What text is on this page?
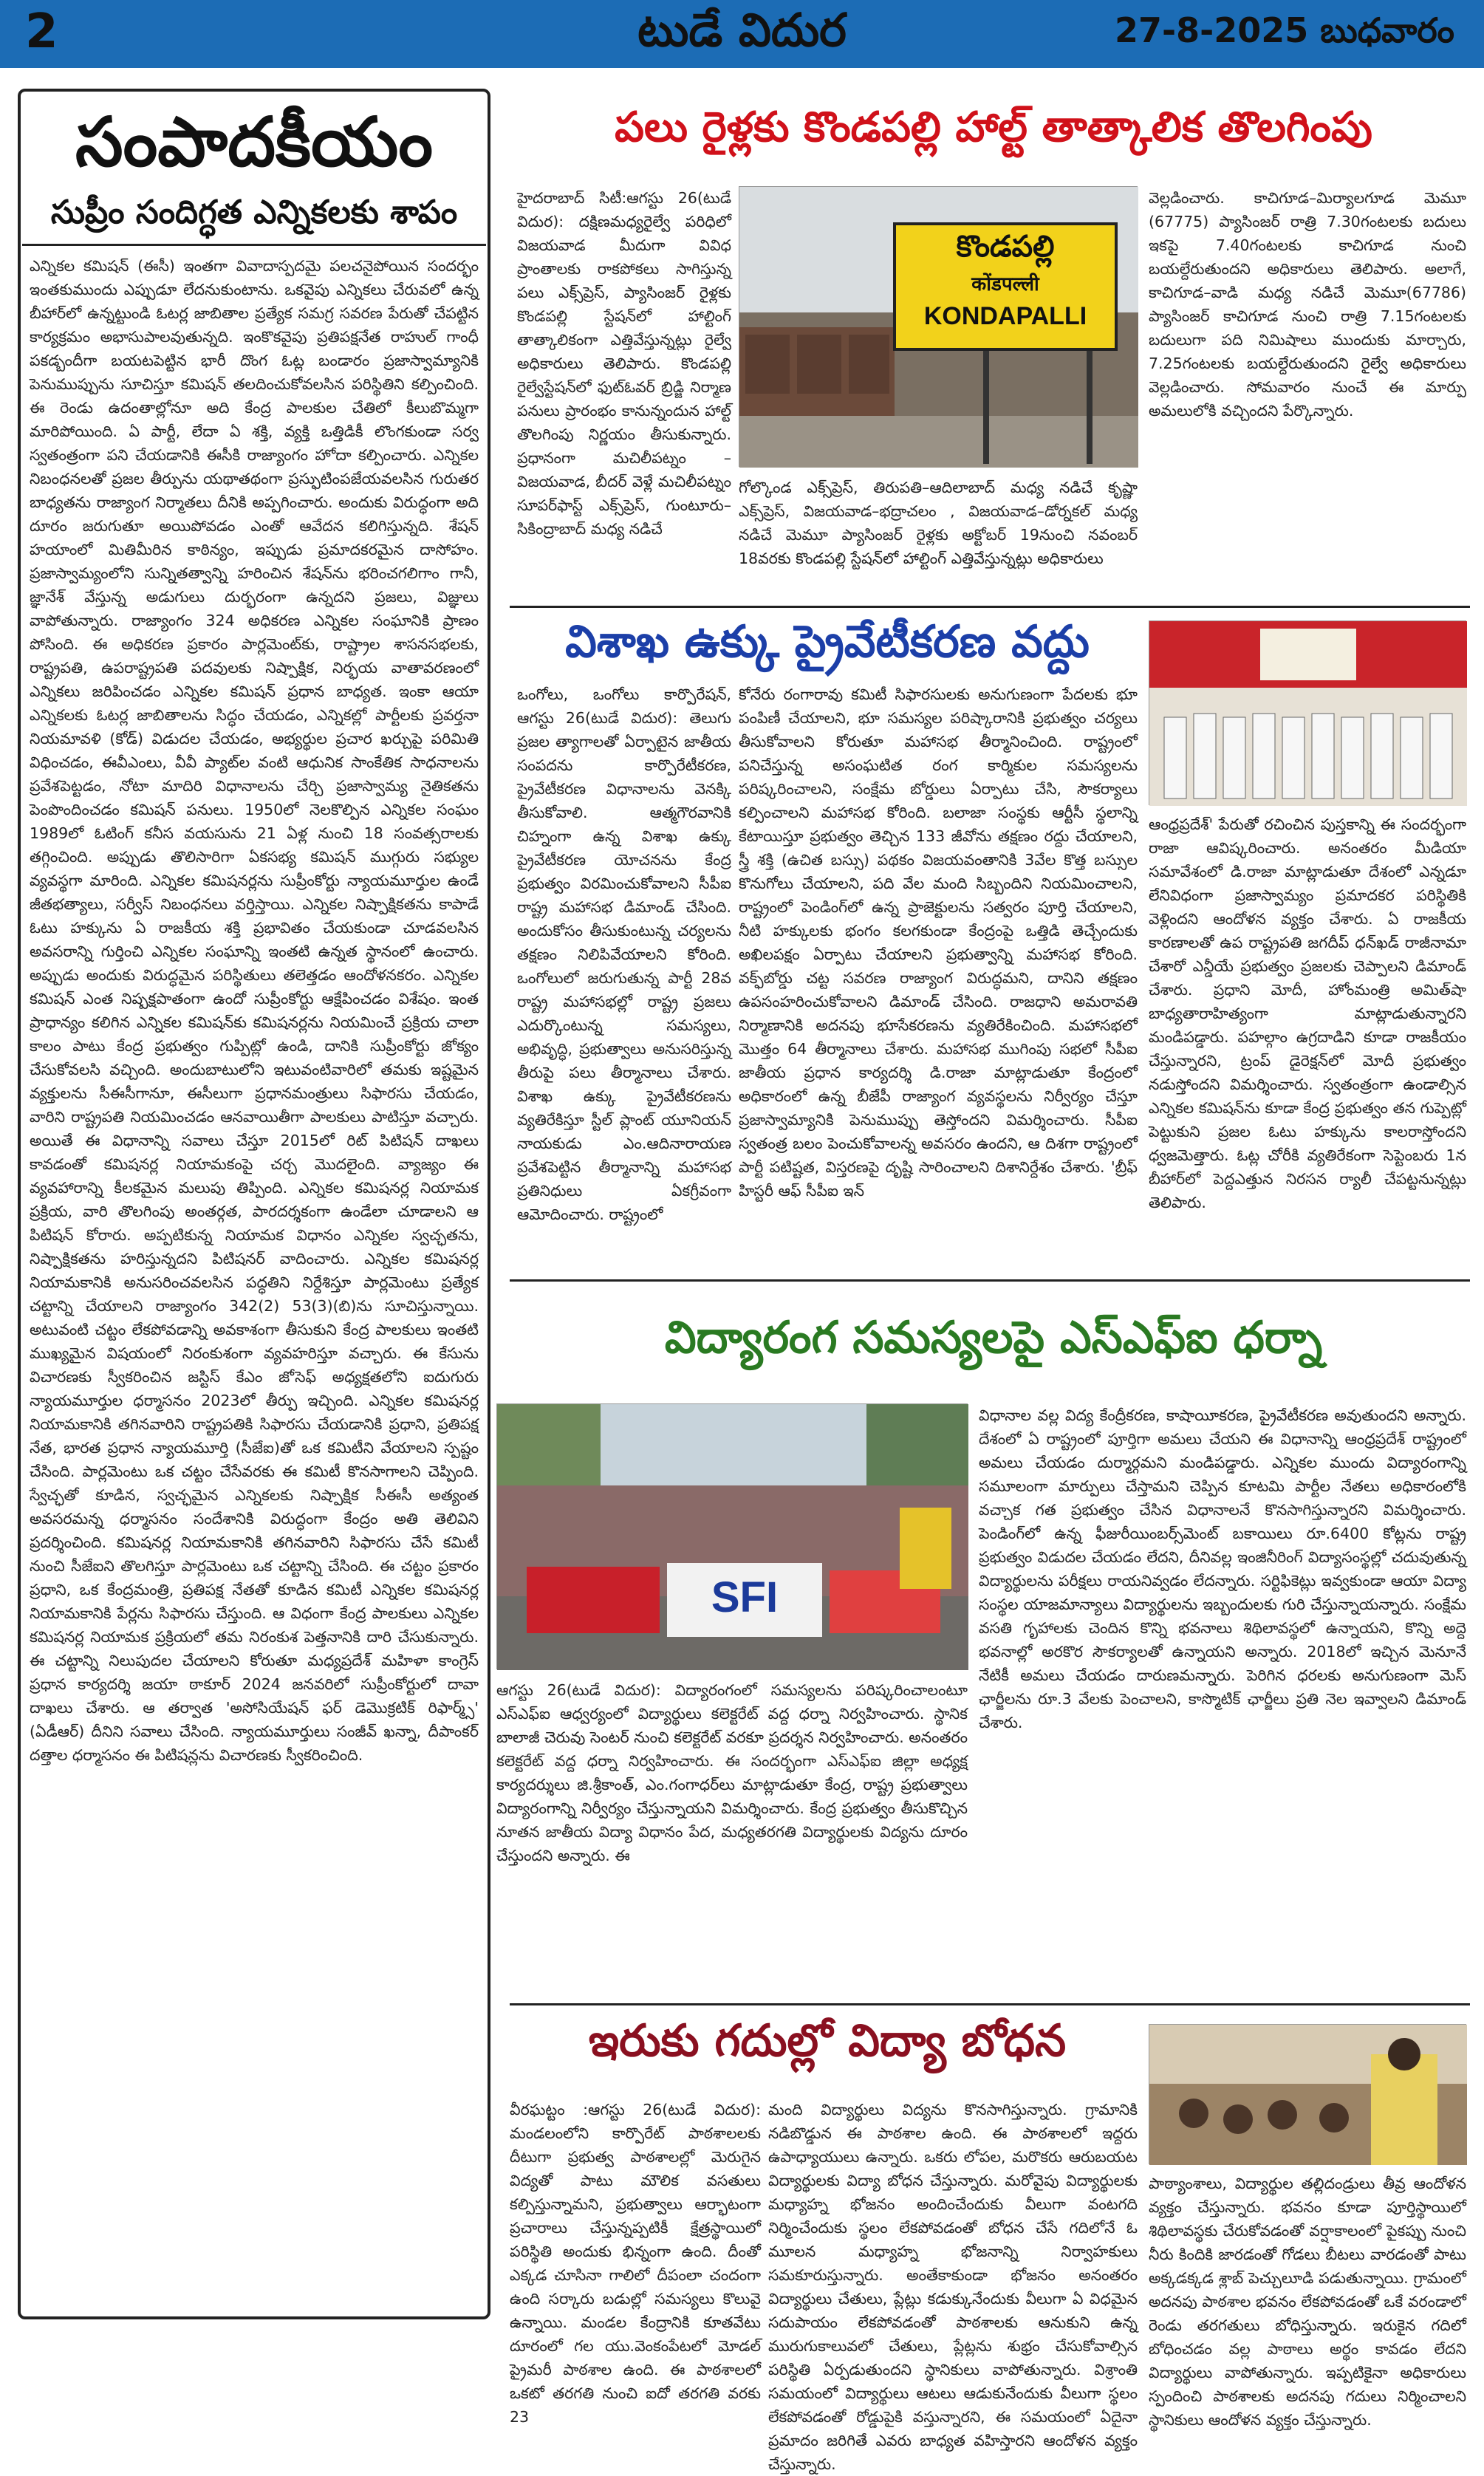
2	టుడే విదుర	27-8-2025 బుధవారం
సంపాదకీయం
సుప్రీం సందిగ్ధత ఎన్నికలకు శాపం
ఎన్నికల కమిషన్ (ఈసీ) ఇంతగా వివాదాస్పదమై పలచనైపోయిన సందర్భం ఇంతకుముందు ఎప్పుడూ లేదనుకుంటాను. ఒకవైపు ఎన్నికలు చేరువలో ఉన్న బీహార్‌లో ఉన్నట్టుండి ఓటర్ల జాబితాల ప్రత్యేక సమగ్ర సవరణ పేరుతో చేపట్టిన కార్యక్రమం అభాసుపాలవుతున్నది. ఇంకొకవైపు ప్రతిపక్షనేత రాహుల్ గాంధీ పకడ్బందీగా బయటపెట్టిన భారీ దొంగ ఓట్ల బండారం ప్రజాస్వామ్యానికి పెనుముప్పును సూచిస్తూ కమిషన్ తలదించుకోవలసిన పరిస్థితిని కల్పించింది. ఈ రెండు ఉదంతాల్లోనూ అది కేంద్ర పాలకుల చేతిలో కీలుబొమ్మగా మారిపోయింది. ఏ పార్టీ, లేదా ఏ శక్తి, వ్యక్తి ఒత్తిడికీ లొంగకుండా సర్వ స్వతంత్రంగా పని చేయడానికి ఈసీకి రాజ్యాంగం హోదా కల్పించారు. ఎన్నికల నిబంధనలతో ప్రజల తీర్పును యథాతథంగా ప్రస్ఫుటింపజేయవలసిన గురుతర బాధ్యతను రాజ్యాంగ నిర్మాతలు దీనికి అప్పగించారు. అందుకు విరుద్ధంగా అది దూరం జరుగుతూ అయిపోవడం ఎంతో ఆవేదన కలిగిస్తున్నది. శేషన్ హయాంలో మితిమీరిన కాఠిన్యం, ఇప్పుడు ప్రమాదకరమైన దాసోహం. ప్రజాస్వామ్యంలోని సున్నితత్వాన్ని హరించిన శేషన్‌ను భరించగలిగాం గానీ, జ్ఞానేశ్ వేస్తున్న అడుగులు దుర్భరంగా ఉన్నదని ప్రజలు, విజ్ఞులు వాపోతున్నారు. రాజ్యాంగం 324 అధికరణ ఎన్నికల సంఘానికి ప్రాణం పోసింది. ఈ అధికరణ ప్రకారం పార్లమెంట్‌కు, రాష్ట్రాల శాసనసభలకు, రాష్ట్రపతి, ఉపరాష్ట్రపతి పదవులకు నిష్పాక్షిక, నిర్భయ వాతావరణంలో ఎన్నికలు జరిపించడం ఎన్నికల కమిషన్ ప్రధాన బాధ్యత. ఇంకా ఆయా ఎన్నికలకు ఓటర్ల జాబితాలను సిద్ధం చేయడం, ఎన్నికల్లో పార్టీలకు ప్రవర్తనా నియమావళి (కోడ్) విడుదల చేయడం, అభ్యర్థుల ప్రచార ఖర్చుపై పరిమితి విధించడం, ఈవీఎంలు, వీవీ ప్యాట్‌ల వంటి ఆధునిక సాంకేతిక సాధనాలను ప్రవేశపెట్టడం, నోటా మాదిరి విధానాలను చేర్చి ప్రజాస్వామ్య నైతికతను పెంపొందించడం కమిషన్ పనులు. 1950లో నెలకొల్పిన ఎన్నికల సంఘం 1989లో ఓటింగ్ కనీస వయసును 21 ఏళ్ల నుంచి 18 సంవత్సరాలకు తగ్గించింది. అప్పుడు తొలిసారిగా ఏకసభ్య కమిషన్ ముగ్గురు సభ్యుల వ్యవస్థగా మారింది. ఎన్నికల కమిషనర్లను సుప్రీంకోర్టు న్యాయమూర్తుల ఉండే జీతభత్యాలు, సర్వీస్ నిబంధనలు వర్తిస్తాయి. ఎన్నికల నిష్పాక్షికతను కాపాడే ఓటు హక్కును ఏ రాజకీయ శక్తి ప్రభావితం చేయకుండా చూడవలసిన అవసరాన్ని గుర్తించి ఎన్నికల సంఘాన్ని ఇంతటి ఉన్నత స్థానంలో ఉంచారు. అప్పుడు అందుకు విరుద్ధమైన పరిస్థితులు తలెత్తడం ఆందోళనకరం. ఎన్నికల కమిషన్ ఎంత నిష్పక్షపాతంగా ఉందో సుప్రీంకోర్టు ఆక్షేపించడం విశేషం. ఇంత ప్రాధాన్యం కలిగిన ఎన్నికల కమిషన్‌కు కమిషనర్లను నియమించే ప్రక్రియ చాలా కాలం పాటు కేంద్ర ప్రభుత్వం గుప్పిట్లో ఉండి, దానికి సుప్రీంకోర్టు జోక్యం చేసుకోవలసి వచ్చింది. అందుబాటులోని ఇటువంటివారిలో తమకు ఇష్టమైన వ్యక్తులను సీఈసీగానూ, ఈసీలుగా ప్రధానమంత్రులు సిఫారసు చేయడం, వారిని రాష్ట్రపతి నియమించడం ఆనవాయితీగా పాలకులు పాటిస్తూ వచ్చారు. అయితే ఈ విధానాన్ని సవాలు చేస్తూ 2015లో రిట్ పిటిషన్ దాఖలు కావడంతో కమిషనర్ల నియామకంపై చర్చ మొదలైంది. వ్యాజ్యం ఈ వ్యవహారాన్ని కీలకమైన మలుపు తిప్పింది. ఎన్నికల కమిషనర్ల నియామక ప్రక్రియ, వారి తొలగింపు అంతర్గత, పారదర్శకంగా ఉండేలా చూడాలని ఆ పిటిషన్ కోరారు. అప్పటికున్న నియామక విధానం ఎన్నికల స్వచ్ఛతను, నిష్పాక్షికతను హరిస్తున్నదని పిటిషనర్ వాదించారు. ఎన్నికల కమిషనర్ల నియామకానికి అనుసరించవలసిన పద్ధతిని నిర్దేశిస్తూ పార్లమెంటు ప్రత్యేక చట్టాన్ని చేయాలని రాజ్యాంగం 342(2) 53(3)(బి)ను సూచిస్తున్నాయి. అటువంటి చట్టం లేకపోవడాన్ని అవకాశంగా తీసుకుని కేంద్ర పాలకులు ఇంతటి ముఖ్యమైన విషయంలో నిరంకుశంగా వ్యవహరిస్తూ వచ్చారు. ఈ కేసును విచారణకు స్వీకరించిన జస్టిస్ కేఎం జోసెఫ్ అధ్యక్షతలోని ఐదుగురు న్యాయమూర్తుల ధర్మాసనం 2023లో తీర్పు ఇచ్చింది. ఎన్నికల కమిషనర్ల నియామకానికి తగినవారిని రాష్ట్రపతికి సిఫారసు చేయడానికి ప్రధాని, ప్రతిపక్ష నేత, భారత ప్రధాన న్యాయమూర్తి (సీజేఐ)తో ఒక కమిటీని వేయాలని స్పష్టం చేసింది. పార్లమెంటు ఒక చట్టం చేసేవరకు ఈ కమిటీ కొనసాగాలని చెప్పింది. స్వేచ్ఛతో కూడిన, స్వచ్ఛమైన ఎన్నికలకు నిష్పాక్షిక సీఈసీ అత్యంత అవసరమన్న ధర్మాసనం సందేశానికి విరుద్ధంగా కేంద్రం అతి తెలివిని ప్రదర్శించింది. కమిషనర్ల నియామకానికి తగినవారిని సిఫారసు చేసే కమిటీ నుంచి సీజేఐని తొలగిస్తూ పార్లమెంటు ఒక చట్టాన్ని చేసింది. ఈ చట్టం ప్రకారం ప్రధాని, ఒక కేంద్రమంత్రి, ప్రతిపక్ష నేతతో కూడిన కమిటీ ఎన్నికల కమిషనర్ల నియామకానికి పేర్లను సిఫారసు చేస్తుంది. ఆ విధంగా కేంద్ర పాలకులు ఎన్నికల కమిషనర్ల నియామక ప్రక్రియలో తమ నిరంకుశ పెత్తనానికి దారి చేసుకున్నారు. ఈ చట్టాన్ని నిలుపుదల చేయాలని కోరుతూ మధ్యప్రదేశ్ మహిళా కాంగ్రెస్ ప్రధాన కార్యదర్శి జయా ఠాకూర్ 2024 జనవరిలో సుప్రీంకోర్టులో దావా దాఖలు చేశారు. ఆ తర్వాత 'అసోసియేషన్ ఫర్ డెమొక్రటిక్ రిఫార్మ్స్' (ఏడీఆర్) దీనిని సవాలు చేసింది. న్యాయమూర్తులు సంజీవ్ ఖన్నా, దీపాంకర్ దత్తాల ధర్మాసనం ఈ పిటిషన్లను విచారణకు స్వీకరించింది.
పలు రైళ్లకు కొండపల్లి హాల్ట్ తాత్కాలిక తొలగింపు
హైదరాబాద్ సిటీ:ఆగస్టు 26(టుడే విదుర): దక్షిణమధ్యరైల్వే పరిధిలో విజయవాడ మీదుగా వివిధ ప్రాంతాలకు రాకపోకలు సాగిస్తున్న పలు ఎక్స్‌ప్రెస్, ప్యాసింజర్ రైళ్లకు కొండపల్లి స్టేషన్‌లో హాల్టింగ్ తాత్కాలికంగా ఎత్తివేస్తున్నట్లు రైల్వే అధికారులు తెలిపారు. కొండపల్లి రైల్వేస్టేషన్‌లో ఫుట్‌ఓవర్ బ్రిడ్జి నిర్మాణ పనులు ప్రారంభం కానున్నందున హాల్ట్ తొలగింపు నిర్ణయం తీసుకున్నారు. ప్రధానంగా మచిలీపట్నం – విజయవాడ, బీదర్ వెళ్లే మచిలీపట్నం సూపర్‌ఫాస్ట్ ఎక్స్‌ప్రెస్, గుంటూరు–సికింద్రాబాద్ మధ్య నడిచే
కొండపల్లి
कोंडपल्ली
KONDAPALLI
గోల్కొండ ఎక్స్‌ప్రెస్, తిరుపతి–ఆదిలాబాద్ మధ్య నడిచే కృష్ణా ఎక్స్‌ప్రెస్, విజయవాడ–భద్రాచలం , విజయవాడ–డోర్నకల్ మధ్య నడిచే మెమూ ప్యాసింజర్ రైళ్లకు అక్టోబర్ 19నుంచి నవంబర్ 18వరకు కొండపల్లి స్టేషన్‌లో హాల్టింగ్ ఎత్తివేస్తున్నట్లు అధికారులు
వెల్లడించారు. కాచిగూడ–మిర్యాలగూడ మెమూ (67775) ప్యాసింజర్ రాత్రి 7.30గంటలకు బదులు ఇకపై 7.40గంటలకు కాచిగూడ నుంచి బయల్దేరుతుందని అధికారులు తెలిపారు. అలాగే, కాచిగూడ–వాడి మధ్య నడిచే మెమూ(67786) ప్యాసింజర్ కాచిగూడ నుంచి రాత్రి 7.15గంటలకు బదులుగా పది నిమిషాలు ముందుకు మార్చారు, 7.25గంటలకు బయల్దేరుతుందని రైల్వే అధికారులు వెల్లడించారు. సోమవారం నుంచే ఈ మార్పు అమలులోకి వచ్చిందని పేర్కొన్నారు.
విశాఖ ఉక్కు ప్రైవేటీకరణ వద్దు
ఒంగోలు, ఒంగోలు కార్పొరేషన్, ఆగస్టు 26(టుడే విదుర): తెలుగు ప్రజల త్యాగాలతో ఏర్పాటైన జాతీయ సంపదను కార్పొరేటీకరణ, ప్రైవేటీకరణ విధానాలను వెనక్కి తీసుకోవాలి. ఆత్మగౌరవానికి చిహ్నంగా ఉన్న విశాఖ ఉక్కు ప్రైవేటీకరణ యోచనను కేంద్ర ప్రభుత్వం విరమించుకోవాలని సీపీఐ రాష్ట్ర మహాసభ డిమాండ్ చేసింది. అందుకోసం తీసుకుంటున్న చర్యలను తక్షణం నిలిపివేయాలని కోరింది. ఒంగోలులో జరుగుతున్న పార్టీ 28వ రాష్ట్ర మహాసభల్లో రాష్ట్ర ప్రజలు ఎదుర్కొంటున్న సమస్యలు, అభివృద్ధి, ప్రభుత్వాలు అనుసరిస్తున్న తీరుపై పలు తీర్మానాలు చేశారు. విశాఖ ఉక్కు ప్రైవేటీకరణను వ్యతిరేకిస్తూ స్టీల్ ప్లాంట్ యూనియన్ నాయకుడు ఎం.ఆదినారాయణ ప్రవేశపెట్టిన తీర్మానాన్ని మహాసభ ప్రతినిధులు ఏకగ్రీవంగా ఆమోదించారు. రాష్ట్రంలో
కోనేరు రంగారావు కమిటీ సిఫారసులకు అనుగుణంగా పేదలకు భూ పంపిణీ చేయాలని, భూ సమస్యల పరిష్కారానికి ప్రభుత్వం చర్యలు తీసుకోవాలని కోరుతూ మహాసభ తీర్మానించింది. రాష్ట్రంలో పనిచేస్తున్న అసంఘటిత రంగ కార్మికుల సమస్యలను పరిష్కరించాలని, సంక్షేమ బోర్డులు ఏర్పాటు చేసి, సౌకర్యాలు కల్పించాలని మహాసభ కోరింది. బలాజా సంస్థకు ఆర్టీసీ స్థలాన్ని కేటాయిస్తూ ప్రభుత్వం తెచ్చిన 133 జీవోను తక్షణం రద్దు చేయాలని, స్త్రీ శక్తి (ఉచిత బస్సు) పథకం విజయవంతానికి 3వేల కొత్త బస్సుల కొనుగోలు చేయాలని, పది వేల మంది సిబ్బందిని నియమించాలని, రాష్ట్రంలో పెండింగ్‌లో ఉన్న ప్రాజెక్టులను సత్వరం పూర్తి చేయాలని, నీటి హక్కులకు భంగం కలగకుండా కేంద్రంపై ఒత్తిడి తెచ్చేందుకు అఖిలపక్షం ఏర్పాటు చేయాలని ప్రభుత్వాన్ని మహాసభ కోరింది. వక్ఫ్‌బోర్డు చట్ట సవరణ రాజ్యాంగ విరుద్ధమని, దానిని తక్షణం ఉపసంహరించుకోవాలని డిమాండ్ చేసింది. రాజధాని అమరావతి నిర్మాణానికి అదనపు భూసేకరణను వ్యతిరేకించింది. మహాసభలో మొత్తం 64 తీర్మానాలు చేశారు. మహాసభ ముగింపు సభలో సీపీఐ జాతీయ ప్రధాన కార్యదర్శి డి.రాజా మాట్లాడుతూ కేంద్రంలో అధికారంలో ఉన్న బీజేపీ రాజ్యాంగ వ్యవస్థలను నిర్వీర్యం చేస్తూ ప్రజాస్వామ్యానికి పెనుముప్పు తెస్తోందని విమర్శించారు. సీపీఐ స్వతంత్ర బలం పెంచుకోవాలన్న అవసరం ఉందని, ఆ దిశగా రాష్ట్రంలో పార్టీ పటిష్టత, విస్తరణపై దృష్టి సారించాలని దిశానిర్దేశం చేశారు. 'బ్రీఫ్ హిస్టరీ ఆఫ్ సీపీఐ ఇన్
ఆంధ్రప్రదేశ్' పేరుతో రచించిన పుస్తకాన్ని ఈ సందర్భంగా రాజా ఆవిష్కరించారు. అనంతరం మీడియా సమావేశంలో డి.రాజా మాట్లాడుతూ దేశంలో ఎన్నడూ లేనివిధంగా ప్రజాస్వామ్యం ప్రమాదకర పరిస్థితికి వెళ్లిందని ఆందోళన వ్యక్తం చేశారు. ఏ రాజకీయ కారణాలతో ఉప రాష్ట్రపతి జగదీప్ ధన్‌ఖడ్ రాజీనామా చేశారో ఎన్డీయే ప్రభుత్వం ప్రజలకు చెప్పాలని డిమాండ్ చేశారు. ప్రధాని మోదీ, హోంమంత్రి అమిత్‌షా బాధ్యతారాహిత్యంగా మాట్లాడుతున్నారని మండిపడ్డారు. పహల్గాం ఉగ్రదాడిని కూడా రాజకీయం చేస్తున్నారని, ట్రంప్ డైరెక్షన్‌లో మోదీ ప్రభుత్వం నడుస్తోందని విమర్శించారు. స్వతంత్రంగా ఉండాల్సిన ఎన్నికల కమిషన్‌ను కూడా కేంద్ర ప్రభుత్వం తన గుప్పెట్లో పెట్టుకుని ప్రజల ఓటు హక్కును కాలరాస్తోందని ధ్వజమెత్తారు. ఓట్ల చోరీకి వ్యతిరేకంగా సెప్టెంబరు 1న బీహార్‌లో పెద్దఎత్తున నిరసన ర్యాలీ చేపట్టనున్నట్లు తెలిపారు.
విద్యారంగ సమస్యలపై ఎస్ఎఫ్ఐ ధర్నా
SFI
ఆగస్టు 26(టుడే విదుర): విద్యారంగంలో సమస్యలను పరిష్కరించాలంటూ ఎస్ఎఫ్ఐ ఆధ్వర్యంలో విద్యార్థులు కలెక్టరేట్ వద్ద ధర్నా నిర్వహించారు. స్థానిక బాలాజీ చెరువు సెంటర్ నుంచి కలెక్టరేట్ వరకూ ప్రదర్శన నిర్వహించారు. అనంతరం కలెక్టరేట్ వద్ద ధర్నా నిర్వహించారు. ఈ సందర్భంగా ఎస్ఎఫ్ఐ జిల్లా అధ్యక్ష కార్యదర్శులు జి.శ్రీకాంత్, ఎం.గంగాధర్‌లు మాట్లాడుతూ కేంద్ర, రాష్ట్ర ప్రభుత్వాలు విద్యారంగాన్ని నిర్వీర్యం చేస్తున్నాయని విమర్శించారు. కేంద్ర ప్రభుత్వం తీసుకొచ్చిన నూతన జాతీయ విద్యా విధానం పేద, మధ్యతరగతి విద్యార్థులకు విద్యను దూరం చేస్తుందని అన్నారు. ఈ
విధానాల వల్ల విద్య కేంద్రీకరణ, కాషాయీకరణ, ప్రైవేటీకరణ అవుతుందని అన్నారు. దేశంలో ఏ రాష్ట్రంలో పూర్తిగా అమలు చేయని ఈ విధానాన్ని ఆంధ్రప్రదేశ్ రాష్ట్రంలో అమలు చేయడం దుర్మార్గమని మండిపడ్డారు. ఎన్నికల ముందు విద్యారంగాన్ని సమూలంగా మార్పులు చేస్తామని చెప్పిన కూటమి పార్టీల నేతలు అధికారంలోకి వచ్చాక గత ప్రభుత్వం చేసిన విధానాలనే కొనసాగిస్తున్నారని విమర్శించారు. పెండింగ్‌లో ఉన్న ఫీజురీయింబర్స్‌మెంట్ బకాయిలు రూ.6400 కోట్లను రాష్ట్ర ప్రభుత్వం విడుదల చేయడం లేదని, దీనివల్ల ఇంజినీరింగ్ విద్యాసంస్థల్లో చదువుతున్న విద్యార్థులను పరీక్షలు రాయనివ్వడం లేదన్నారు. సర్టిఫికెట్లు ఇవ్వకుండా ఆయా విద్యా సంస్థల యాజమాన్యాలు విద్యార్థులను ఇబ్బందులకు గురి చేస్తున్నాయన్నారు. సంక్షేమ వసతి గృహాలకు చెందిన కొన్ని భవనాలు శిథిలావస్థలో ఉన్నాయని, కొన్ని అద్దె భవనాల్లో అరకొర సౌకర్యాలతో ఉన్నాయని అన్నారు. 2018లో ఇచ్చిన మెనూనే నేటికీ అమలు చేయడం దారుణమన్నారు. పెరిగిన ధరలకు అనుగుణంగా మెస్ ఛార్జీలను రూ.3 వేలకు పెంచాలని, కాస్మొటిక్ ఛార్జీలు ప్రతి నెల ఇవ్వాలని డిమాండ్ చేశారు.
ఇరుకు గదుల్లో విద్యా బోధన
వీరఘట్టం :ఆగస్టు 26(టుడే విదుర): మండలంలోని కార్పొరేట్ పాఠశాలలకు దీటుగా ప్రభుత్వ పాఠశాలల్లో మెరుగైన విద్యతో పాటు మౌలిక వసతులు కల్పిస్తున్నామని, ప్రభుత్వాలు ఆర్భాటంగా ప్రచారాలు చేస్తున్నప్పటికీ క్షేత్రస్థాయిలో పరిస్థితి అందుకు భిన్నంగా ఉంది. దీంతో ఎక్కడ చూసినా గాలిలో దీపంలా చందంగా ఉంది సర్కారు బడుల్లో సమస్యలు కొలువై ఉన్నాయి. మండల కేంద్రానికి కూతవేటు దూరంలో గల యు.వెంకంపేటలో మోడల్ ప్రైమరీ పాఠశాల ఉంది. ఈ పాఠశాలలో ఒకటో తరగతి నుంచి ఐదో తరగతి వరకు 23
మంది విద్యార్థులు విద్యను కొనసాగిస్తున్నారు. గ్రామానికి నడిబొడ్డున ఈ పాఠశాల ఉంది. ఈ పాఠశాలలో ఇద్దరు ఉపాధ్యాయులు ఉన్నారు. ఒకరు లోపల, మరొకరు ఆరుబయట విద్యార్థులకు విద్యా బోధన చేస్తున్నారు. మరోవైపు విద్యార్థులకు మధ్యాహ్న భోజనం అందించేందుకు వీలుగా వంటగది నిర్మించేందుకు స్థలం లేకపోవడంతో బోధన చేసే గదిలోనే ఓ మూలన మధ్యాహ్న భోజనాన్ని నిర్వాహకులు సమకూరుస్తున్నారు. అంతేకాకుండా భోజనం అనంతరం విద్యార్థులు చేతులు, ప్లేట్లు కడుక్కునేందుకు వీలుగా ఏ విధమైన సదుపాయం లేకపోవడంతో పాఠశాలకు ఆనుకుని ఉన్న మురుగుకాలువలో చేతులు, ప్లేట్లను శుభ్రం చేసుకోవాల్సిన పరిస్థితి ఏర్పడుతుందని స్థానికులు వాపోతున్నారు. విశ్రాంతి సమయంలో విద్యార్థులు ఆటలు ఆడుకునేందుకు వీలుగా స్థలం లేకపోవడంతో రోడ్డుపైకి వస్తున్నారని, ఈ సమయంలో ఏదైనా ప్రమాదం జరిగితే ఎవరు బాధ్యత వహిస్తారని ఆందోళన వ్యక్తం చేస్తున్నారు.
పాఠ్యాంశాలు, విద్యార్థుల తల్లిదండ్రులు తీవ్ర ఆందోళన వ్యక్తం చేస్తున్నారు. భవనం కూడా పూర్తిస్థాయిలో శిథిలావస్థకు చేరుకోవడంతో వర్షాకాలంలో పైకప్పు నుంచి నీరు కిందికి జారడంతో గోడలు బీటలు వారడంతో పాటు అక్కడక్కడ శ్లాబ్ పెచ్చులూడి పడుతున్నాయి. గ్రామంలో అదనపు పాఠశాల భవనం లేకపోవడంతో ఒకే వరండాలో రెండు తరగతులు బోధిస్తున్నారు. ఇరుకైన గదిలో బోధించడం వల్ల పాఠాలు అర్థం కావడం లేదని విద్యార్థులు వాపోతున్నారు. ఇప్పటికైనా అధికారులు స్పందించి పాఠశాలకు అదనపు గదులు నిర్మించాలని స్థానికులు ఆందోళన వ్యక్తం చేస్తున్నారు.
